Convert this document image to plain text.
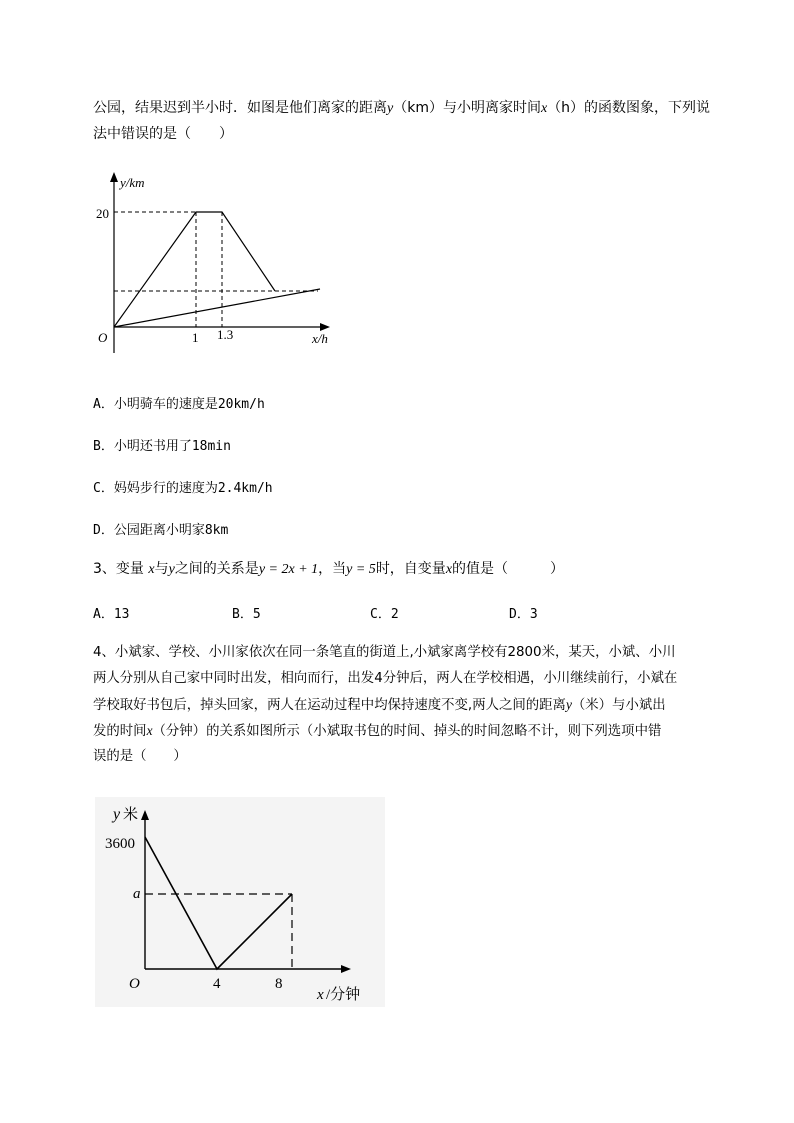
公园，结果迟到半小时．如图是他们离家的距离y（km）与小明离家时间x（h）的函数图象，下列说
法中错误的是（　　）
y/km
20
O	1 1.3	x/h
A．小明骑车的速度是20km/h
B．小明还书用了18min
C．妈妈步行的速度为2.4km/h
D．公园距离小明家8km
3、变量 x与y之间的关系是y = 2x + 1，当y = 5时，自变量x的值是（　　　）
A．13	B．5	C．2	D．3
4、小斌家、学校、小川家依次在同一条笔直的街道上,小斌家离学校有2800米，某天，小斌、小川
两人分别从自己家中同时出发，相向而行，出发4分钟后，两人在学校相遇，小川继续前行，小斌在
学校取好书包后，掉头回家，两人在运动过程中均保持速度不变,两人之间的距离y（米）与小斌出
发的时间x（分钟）的关系如图所示（小斌取书包的时间、掉头的时间忽略不计，则下列选项中错
误的是（　　）
y 米
3600
a
O	4	8
x /分钟
